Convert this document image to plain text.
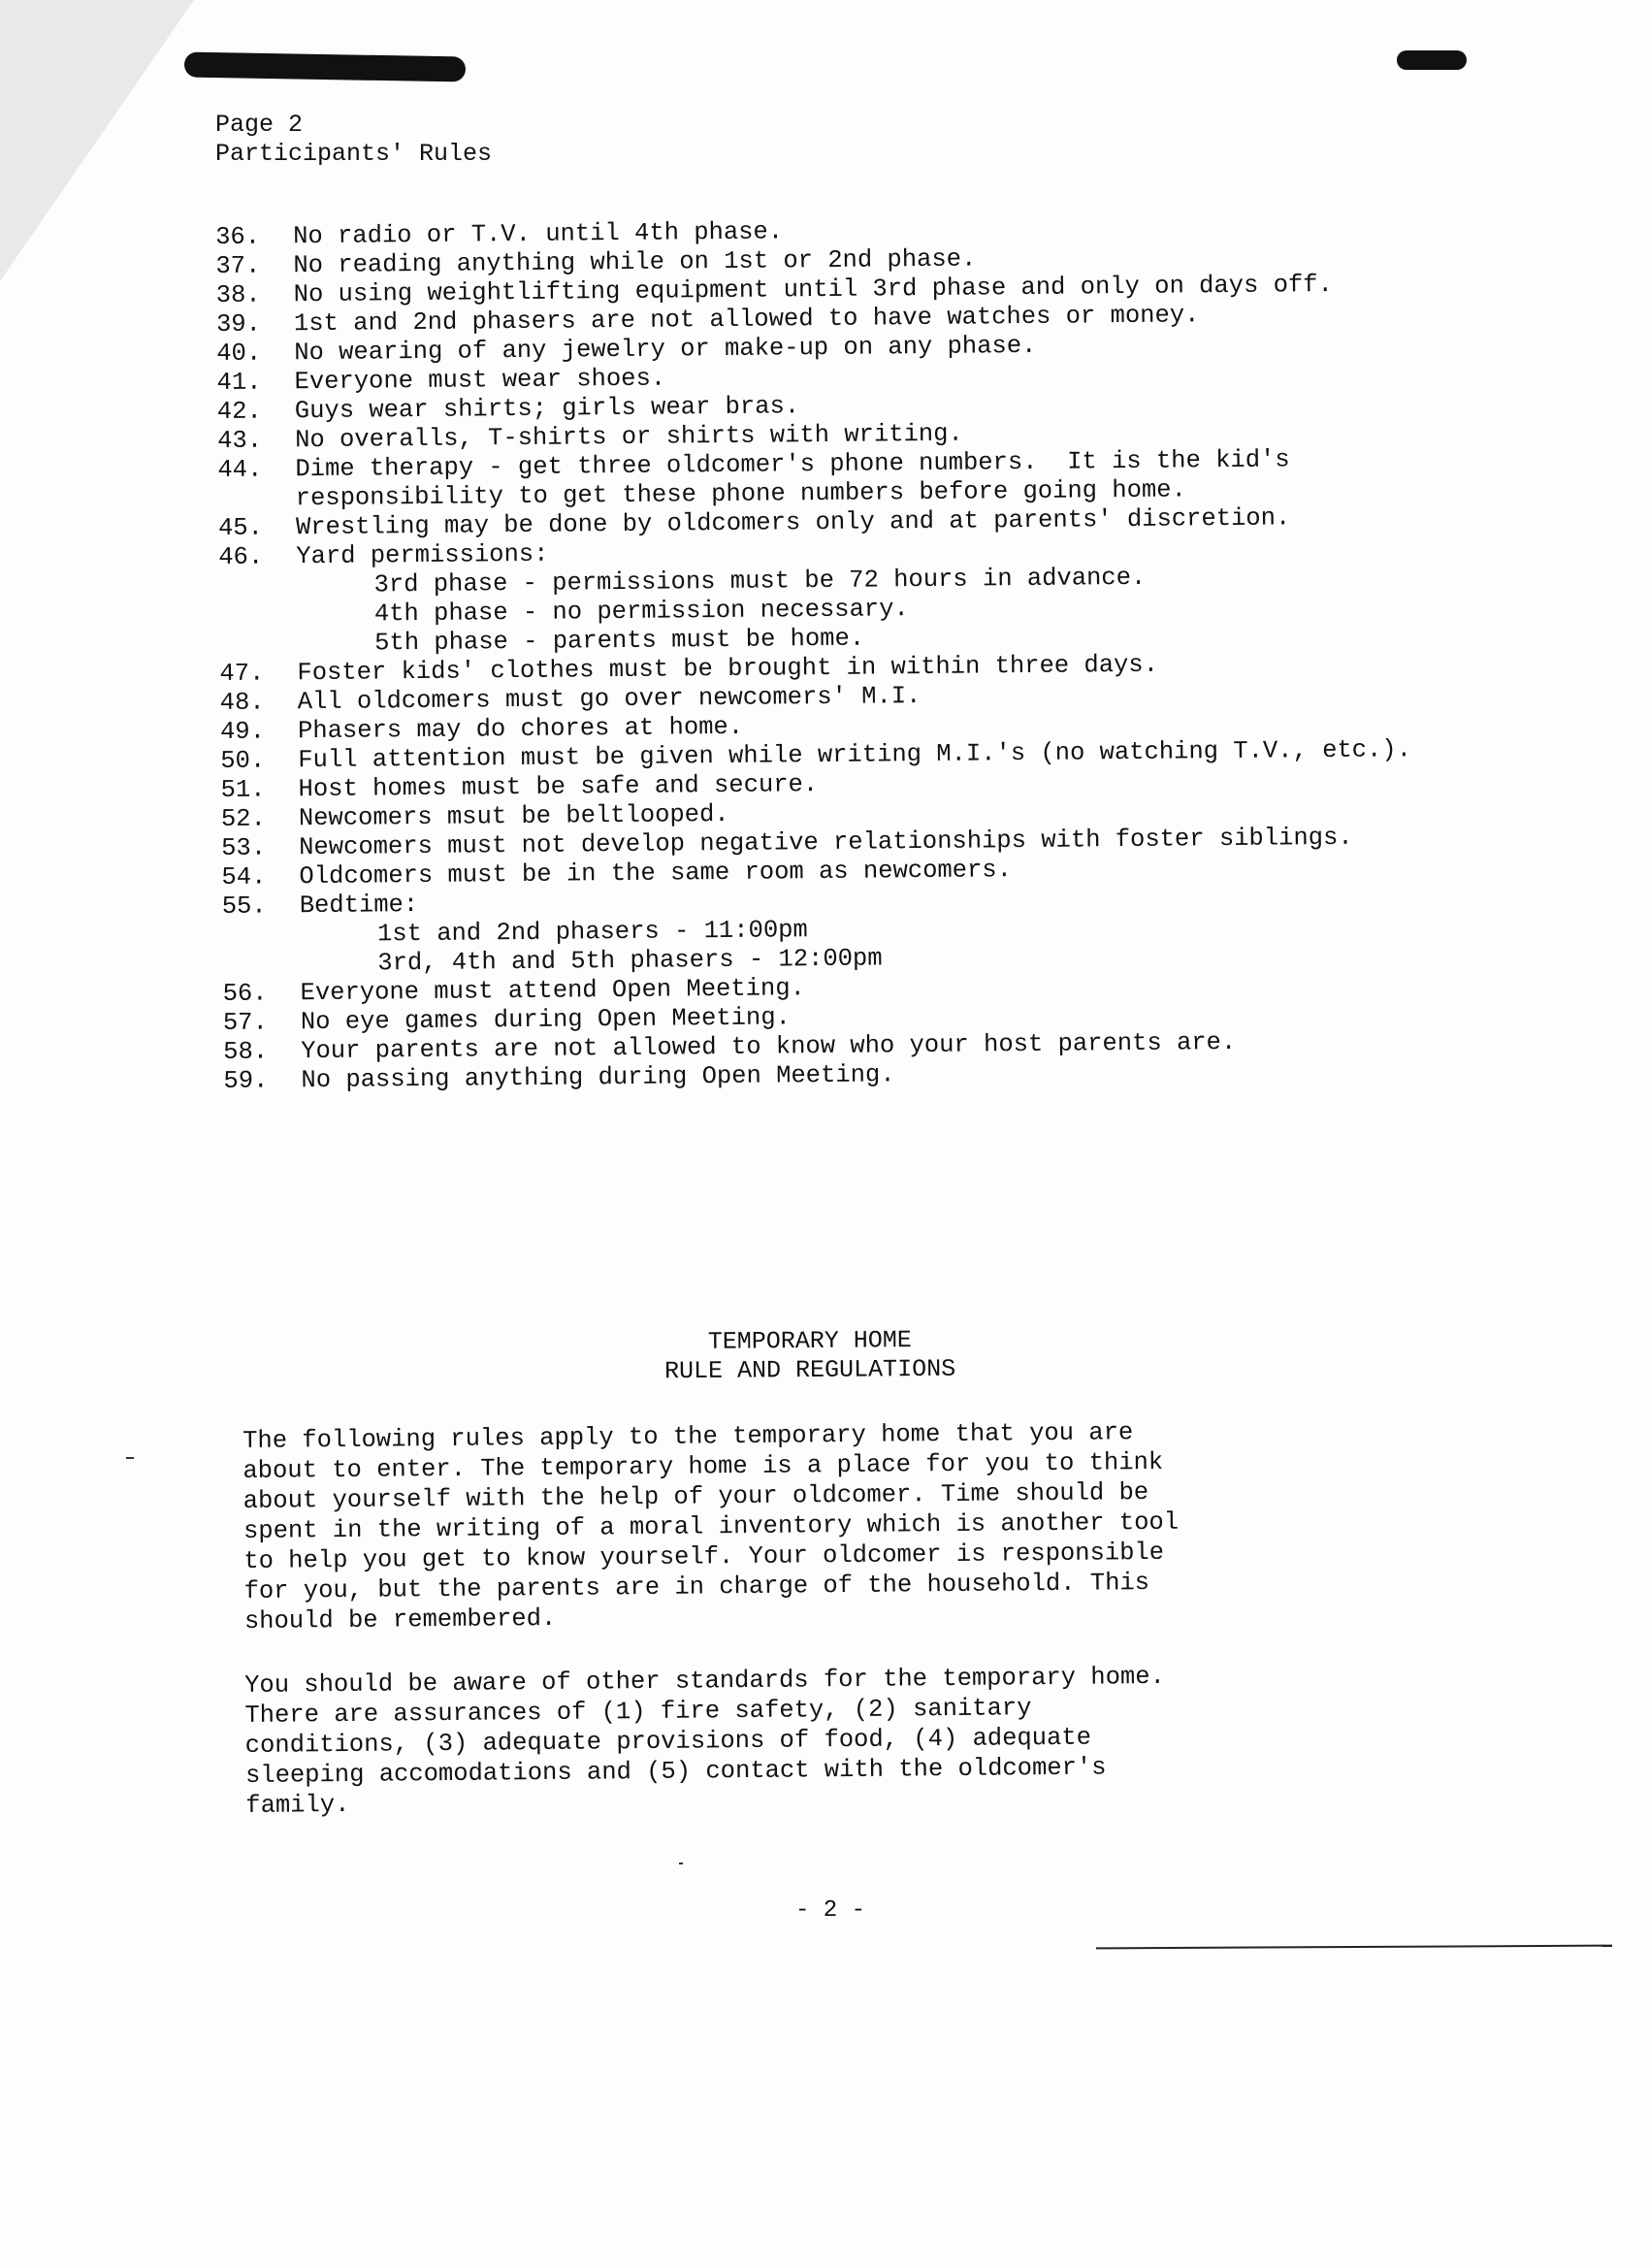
Page 2
Participants' Rules
36.	No radio or T.V. until 4th phase.
37.	No reading anything while on 1st or 2nd phase.
38.	No using weightlifting equipment until 3rd phase and only on days off.
39.	1st and 2nd phasers are not allowed to have watches or money.
40.	No wearing of any jewelry or make-up on any phase.
41.	Everyone must wear shoes.
42.	Guys wear shirts; girls wear bras.
43.	No overalls, T-shirts or shirts with writing.
44.	Dime therapy - get three oldcomer's phone numbers.  It is the kid's responsibility to get these phone numbers before going home.
45.	Wrestling may be done by oldcomers only and at parents' discretion.
46.	Yard permissions:
3rd phase - permissions must be 72 hours in advance.
4th phase - no permission necessary.
5th phase - parents must be home.
47.	Foster kids' clothes must be brought in within three days.
48.	All oldcomers must go over newcomers' M.I.
49.	Phasers may do chores at home.
50.	Full attention must be given while writing M.I.'s (no watching T.V., etc.).
51.	Host homes must be safe and secure.
52.	Newcomers msut be beltlooped.
53.	Newcomers must not develop negative relationships with foster siblings.
54.	Oldcomers must be in the same room as newcomers.
55.	Bedtime:
1st and 2nd phasers - 11:00pm
3rd, 4th and 5th phasers - 12:00pm
56.	Everyone must attend Open Meeting.
57.	No eye games during Open Meeting.
58.	Your parents are not allowed to know who your host parents are.
59.	No passing anything during Open Meeting.
TEMPORARY HOME
RULE AND REGULATIONS
The following rules apply to the temporary home that you are
about to enter. The temporary home is a place for you to think
about yourself with the help of your oldcomer. Time should be
spent in the writing of a moral inventory which is another tool
to help you get to know yourself. Your oldcomer is responsible
for you, but the parents are in charge of the household. This
should be remembered.
You should be aware of other standards for the temporary home.
There are assurances of (1) fire safety, (2) sanitary
conditions, (3) adequate provisions of food, (4) adequate
sleeping accomodations and (5) contact with the oldcomer's
family.
- 2 -
